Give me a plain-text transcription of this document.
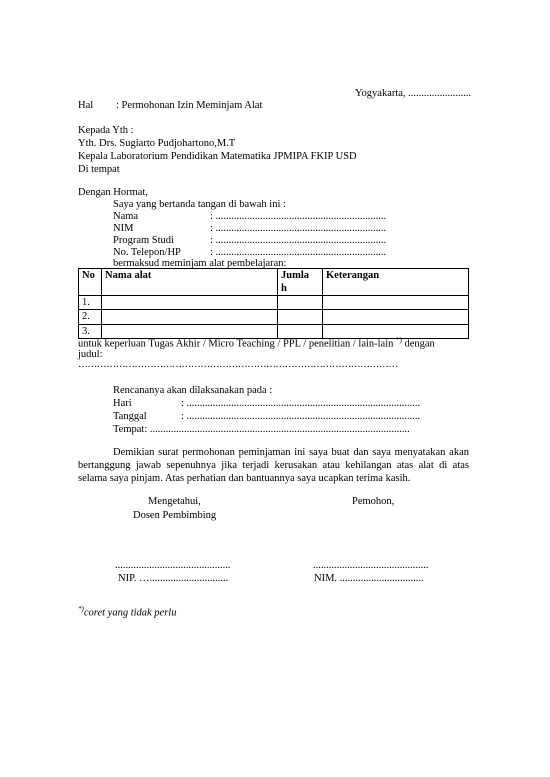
Yogyakarta, ........................
Hal : Permohonan Izin Meminjam Alat
Kepada Yth :
Yth. Drs. Sugiarto Pudjohartono,M.T
Kepala Laboratorium Pendidikan Matematika JPMIPA FKIP USD
Di tempat
Dengan Hormat,
Saya yang bertanda tangan di bawah ini :
Nama	: .................................................................
NIM	: .................................................................
Program Studi	: .................................................................
No. Telepon/HP	: .................................................................
bermaksud meminjam alat pembelajaran:
No	Nama alat	Jumlah	Keterangan
1.			
2.			
3.			
untuk keperluan Tugas Akhir / Micro Teaching / PPL / penelitian / lain-lain *) dengan
judul:
…………………………………………………………………………………………
Rencananya akan dilaksanakan pada :
Hari	: .........................................................................................
Tanggal	: .........................................................................................
Tempat: ...................................................................................................
Demikian surat permohonan peminjaman ini saya buat dan saya menyatakan akan bertanggung jawab sepenuhnya jika terjadi kerusakan atau kehilangan atas alat di atas selama saya pinjam. Atas perhatian dan bantuannya saya ucapkan terima kasih.
Mengetahui,
Dosen Pembimbing
Pemohon,
............................................	............................................
NIP. …..............................	NIM. ................................
*)coret yang tidak perlu
